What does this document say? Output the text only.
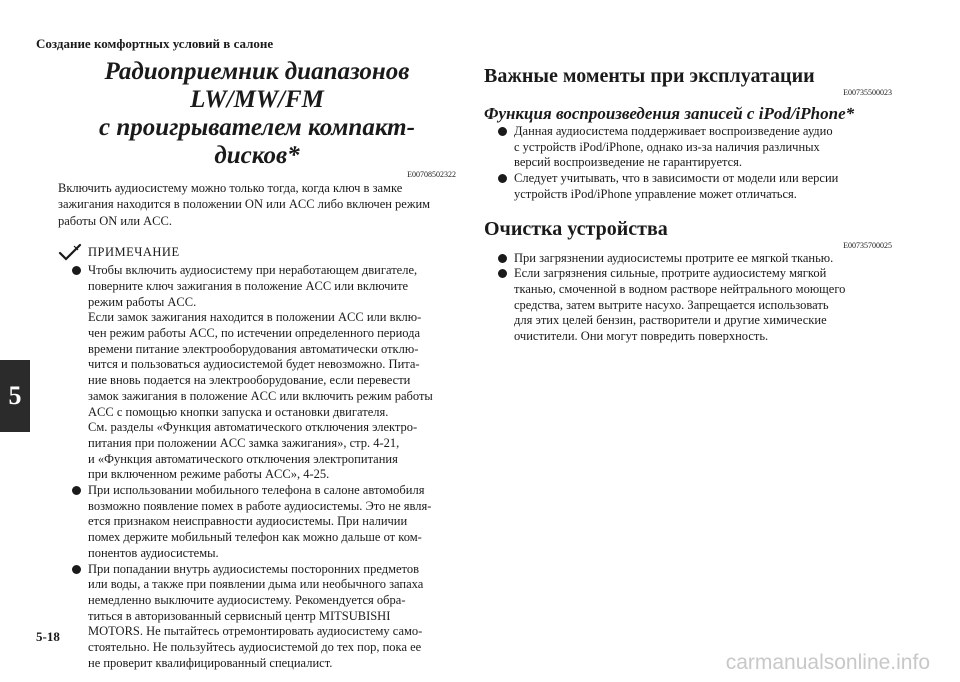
Создание комфортных условий в салоне
5
Радиоприемник диапазонов LW/MW/FM
с проигрывателем компакт-дисков*
E00708502322

Включить аудиосистему можно только тогда, когда ключ в замке
зажигания находится в положении ON или ACC либо включен режим
работы ON или ACC.

ПРИМЕЧАНИЕ
Чтобы включить аудиосистему при неработающем двигателе,
поверните ключ зажигания в положение ACC или включите
режим работы ACC.
Если замок зажигания находится в положении ACC или вклю-
чен режим работы ACC, по истечении определенного периода
времени питание электрооборудования автоматически отклю-
чится и пользоваться аудиосистемой будет невозможно. Пита-
ние вновь подается на электрооборудование, если перевести
замок зажигания в положение ACC или включить режим работы
ACC с помощью кнопки запуска и остановки двигателя.
См. разделы «Функция автоматического отключения электро-
питания при положении ACC замка зажигания», стр. 4-21,
и «Функция автоматического отключения электропитания
при включенном режиме работы ACC», 4-25.
При использовании мобильного телефона в салоне автомобиля
возможно появление помех в работе аудиосистемы. Это не явля-
ется признаком неисправности аудиосистемы. При наличии
помех держите мобильный телефон как можно дальше от ком-
понентов аудиосистемы.
При попадании внутрь аудиосистемы посторонних предметов
или воды, а также при появлении дыма или необычного запаха
немедленно выключите аудиосистему. Рекомендуется обра-
титься в авторизованный сервисный центр MITSUBISHI
MOTORS. Не пытайтесь отремонтировать аудиосистему само-
стоятельно. Не пользуйтесь аудиосистемой до тех пор, пока ее
не проверит квалифицированный специалист.
Важные моменты при эксплуатации
E00735500023
Функция воспроизведения записей с iPod/iPhone*
Данная аудиосистема поддерживает воспроизведение аудио
с устройств iPod/iPhone, однако из-за наличия различных
версий воспроизведение не гарантируется.
Следует учитывать, что в зависимости от модели или версии
устройств iPod/iPhone управление может отличаться.
Очистка устройства
E00735700025
При загрязнении аудиосистемы протрите ее мягкой тканью.
Если загрязнения сильные, протрите аудиосистему мягкой
тканью, смоченной в водном растворе нейтрального моющего
средства, затем вытрите насухо. Запрещается использовать
для этих целей бензин, растворители и другие химические
очистители. Они могут повредить поверхность.
5-18
carmanualsonline.info
